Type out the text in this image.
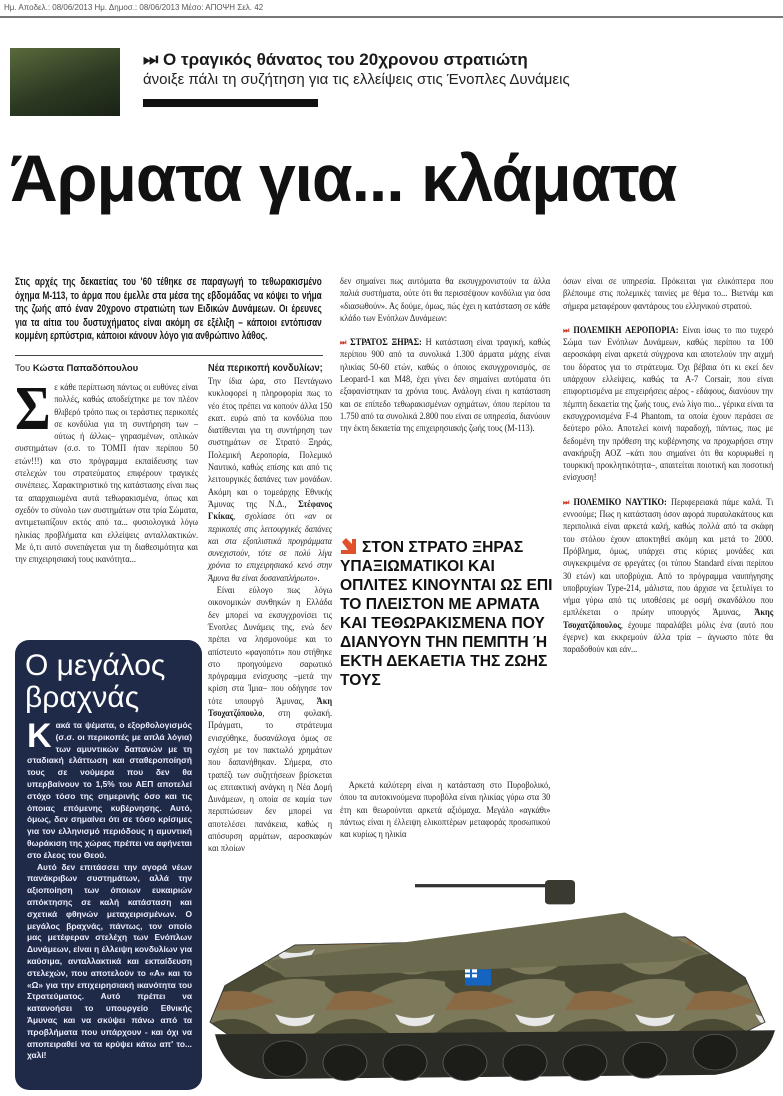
Ημ. Αποδελ.: 08/06/2013 Ημ. Δημοσ.: 08/06/2013 Μέσο: ΑΠΟΨΗ Σελ. 42
⏭ Ο τραγικός θάνατος του 20χρονου στρατιώτη
άνοιξε πάλι τη συζήτηση για τις ελλείψεις στις Ένοπλες Δυνάμεις
Άρματα για... κλάματα
Στις αρχές της δεκαετίας του '60 τέθηκε σε παραγωγή το τεθωρακισμένο όχημα Μ-113, το άρμα που έμελλε στα μέσα της εβδομάδας να κόψει το νήμα της ζωής από έναν 20χρονο στρατιώτη των Ειδικών Δυνάμεων. Οι έρευνες για τα αίτια του δυστυχήματος είναι ακόμη σε εξέλιξη – κάποιοι εντόπισαν κομμένη ερπύστρια, κάποιοι κάνουν λόγο για ανθρώπινο λάθος.
Του Κώστα Παπαδόπουλου

Σε κάθε περίπτωση πάντως οι ευθύνες είναι πολλές, καθώς αποδείχτηκε με τον πλέον θλιβερό τρόπο πως οι τεράστιες περικοπές σε κονδύλια για τη συντήρηση των –ούτως ή άλλως– γηρασμένων, οπλικών συστημάτων (σ.σ. το ΤΟΜΠ ήταν περίπου 50 ετών!!!) και στο πρόγραμμα εκπαίδευσης των στελεχών του στρατεύματος επιφέρουν τραγικές συνέπειες. Χαρακτηριστικό της κατάστασης είναι πως τα απαρχαιωμένα αυτά τεθωρακισμένα, όπως και σχεδόν το σύνολο των συστημάτων στα τρία Σώματα, αντιμετωπίζουν εκτός από τα... φυσιολογικά λόγω ηλικίας προβλήματα και ελλείψεις ανταλλακτικών. Με ό,τι αυτό συνεπάγεται για τη διαθεσιμότητα και την επιχειρησιακή τους ικανότητα...

Νέα περικοπή κονδυλίων;

Την ίδια ώρα, στο Πεντάγωνο κυκλοφορεί η πληροφορία πως το νέο έτος πρέπει να κοπούν άλλα 150 εκατ. ευρώ από τα κονδύλια που διατίθενται για τη συντήρηση των συστημάτων σε Στρατό Ξηράς, Πολεμική Αεροπορία, Πολεμικό Ναυτικό, καθώς επίσης και από τις λειτουργικές δαπάνες των μονάδων. Ακόμη και ο τομεάρχης Εθνικής Άμυνας της Ν.Δ., Στέφανος Γκίκας, σχολίασε ότι «αν οι περικοπές στις λειτουργικές δαπάνες και στα εξοπλιστικά προγράμματα συνεχιστούν, τότε σε πολύ λίγα χρόνια το επιχειρησιακό κενό στην Άμυνα θα είναι δυσαναπλήρωτο».

Είναι εύλογο πως λόγω οικονομικών συνθηκών η Ελλάδα δεν μπορεί να εκσυγχρονίσει τις Ένοπλες Δυνάμεις της, ενώ δεν πρέπει να λησμονούμε και το απίστευτο «φαγοπότι» που στήθηκε στο προηγούμενο σαρωτικό πρόγραμμα ενίσχυσης –μετά την κρίση στα Ίμια– που οδήγησε τον τότε υπουργό Άμυνας, Άκη Τσοχατζόπουλο, στη φυλακή. Πράγματι, το στράτευμα ενισχύθηκε, δυσανάλογα όμως σε σχέση με τον πακτωλό χρημάτων που δαπανήθηκαν. Σήμερα, στο τραπέζι των συζητήσεων βρίσκεται ως επιτακτική ανάγκη η Νέα Δομή Δυνάμεων, η οποία σε καμία των περιπτώσεων δεν μπορεί να αποτελέσει πανάκεια, καθώς η απόσυρση αρμάτων, αεροσκαφών και πλοίων

δεν σημαίνει πως αυτόματα θα εκσυγχρονιστούν τα άλλα παλιά συστήματα, ούτε ότι θα περισσέψουν κονδύλια για όσα «διασωθούν». Ας δούμε, όμως, πώς έχει η κατάσταση σε κάθε κλάδο των Ενόπλων Δυνάμεων:

⏭ ΣΤΡΑΤΟΣ ΞΗΡΑΣ: Η κατάσταση είναι τραγική, καθώς περίπου 900 από τα συνολικά 1.300 άρματα μάχης είναι ηλικίας 50-60 ετών, καθώς ο όποιος εκσυγχρονισμός, σε Leopard-1 και Μ48, έχει γίνει δεν σημαίνει αυτόματα ότι εξαφανίστηκαν τα χρόνια τους. Ανάλογη είναι η κατάσταση και σε επίπεδο τεθωρακισμένων οχημάτων, όπου περίπου τα 1.750 από τα συνολικά 2.800 που είναι σε υπηρεσία, διανύουν την έκτη δεκαετία της επιχειρησιακής ζωής τους (Μ-113).

ΣΤΟΝ ΣΤΡΑΤΟ ΞΗΡΑΣ ΥΠΑΞΙΩΜΑΤΙΚΟΙ ΚΑΙ ΟΠΛΙΤΕΣ ΚΙΝΟΥΝΤΑΙ ΩΣ ΕΠΙ ΤΟ ΠΛΕΙΣΤΟΝ ΜΕ ΑΡΜΑΤΑ ΚΑΙ ΤΕΘΩΡΑΚΙΣΜΕΝΑ ΠΟΥ ΔΙΑΝΥΟΥΝ ΤΗΝ ΠΕΜΠΤΗ Ή ΕΚΤΗ ΔΕΚΑΕΤΙΑ ΤΗΣ ΖΩΗΣ ΤΟΥΣ

Αρκετά καλύτερη είναι η κατάσταση στο Πυροβολικό, όπου τα αυτοκινούμενα πυροβόλα είναι ηλικίας γύρω στα 30 έτη και θεωρούνται αρκετά αξιόμαχα. Μεγάλο «αγκάθι» πάντως είναι η έλλειψη ελικοπτέρων μεταφοράς προσωπικού και κυρίως η ηλικία

όσων είναι σε υπηρεσία. Πρόκειται για ελικόπτερα που βλέπουμε στις πολεμικές ταινίες με θέμα το... Βιετνάμ και σήμερα μεταφέρουν φαντάρους του ελληνικού στρατού.

⏭ ΠΟΛΕΜΙΚΗ ΑΕΡΟΠΟΡΙΑ: Είναι ίσως το πιο τυχερό Σώμα των Ενόπλων Δυνάμεων, καθώς περίπου τα 100 αεροσκάφη είναι αρκετά σύγχρονα και αποτελούν την αιχμή του δόρατος για το στράτευμα. Όχι βέβαια ότι κι εκεί δεν υπάρχουν ελλείψεις, καθώς τα A-7 Corsair, που είναι επιφορτισμένα με επιχειρήσεις αέρος - εδάφους, διανύουν την πέμπτη δεκαετία της ζωής τους, ενώ λίγο πιο... γέρικα είναι τα εκσυγχρονισμένα F-4 Phantom, τα οποία έχουν περάσει σε δεύτερο ρόλο. Αποτελεί κοινή παραδοχή, πάντως, πως με δεδομένη την πρόθεση της κυβέρνησης να προχωρήσει στην ανακήρυξη ΑΟΖ –κάτι που σημαίνει ότι θα κορυφωθεί η τουρκική προκλητικότητα–, απαιτείται ποιοτική και ποσοτική ενίσχυση!

⏭ ΠΟΛΕΜΙΚΟ ΝΑΥΤΙΚΟ: Περιφερειακά πάμε καλά. Τι εννοούμε; Πως η κατάσταση όσον αφορά πυραυλακάτους και περιπολικά είναι αρκετά καλή, καθώς πολλά από τα σκάφη του στόλου έχουν αποκτηθεί ακόμη και μετά το 2000. Πρόβλημα, όμως, υπάρχει στις κύριες μονάδες και συγκεκριμένα σε φρεγάτες (οι τύπου Standard είναι περίπου 30 ετών) και υποβρύχια. Από το πρόγραμμα ναυπήγησης υποβρυχίων Type-214, μάλιστα, που άρχισε να ξετυλίγει το νήμα γύρω από τις υποθέσεις με οσμή σκανδάλου που εμπλέκεται ο πρώην υπουργός Άμυνας, Άκης Τσοχατζόπουλος, έχουμε παραλάβει μόλις ένα (αυτό που έγερνε) και εκκρεμούν άλλα τρία – άγνωστο πότε θα παραδοθούν και εάν...

Ο μεγάλος βραχνάς

Κακά τα ψέματα, ο εξορθολογισμός (σ.σ. οι περικοπές με απλά λόγια) των αμυντικών δαπανών με τη σταδιακή ελάττωση και σταθεροποίησή τους σε νούμερα που δεν θα υπερβαίνουν το 1,5% του ΑΕΠ αποτελεί στόχο τόσο της σημερινής όσο και τις όποιας επόμενης κυβέρνησης. Αυτό, όμως, δεν σημαίνει ότι σε τόσο κρίσιμες για τον ελληνισμό περιόδους η αμυντική θωράκιση της χώρας πρέπει να αφήνεται στο έλεος του Θεού.

Αυτό δεν επιτάσσει την αγορά νέων πανάκριβων συστημάτων, αλλά την αξιοποίηση των όποιων ευκαιριών απόκτησης σε καλή κατάσταση και σχετικά φθηνών μεταχειρισμένων. Ο μεγάλος βραχνάς, πάντως, τον οποίο μας μετέφεραν στελέχη των Ενόπλων Δυνάμεων, είναι η έλλειψη κονδυλίων για καύσιμα, ανταλλακτικά και εκπαίδευση στελεχών, που αποτελούν το «Α» και το «Ω» για την επιχειρησιακή ικανότητα του Στρατεύματος. Αυτό πρέπει να κατανοήσει το υπουργείο Εθνικής Άμυνας και να σκύψει πάνω από τα προβλήματα που υπάρχουν - και όχι να αποπειραθεί να τα κρύψει κάτω απ' το... χαλί!
